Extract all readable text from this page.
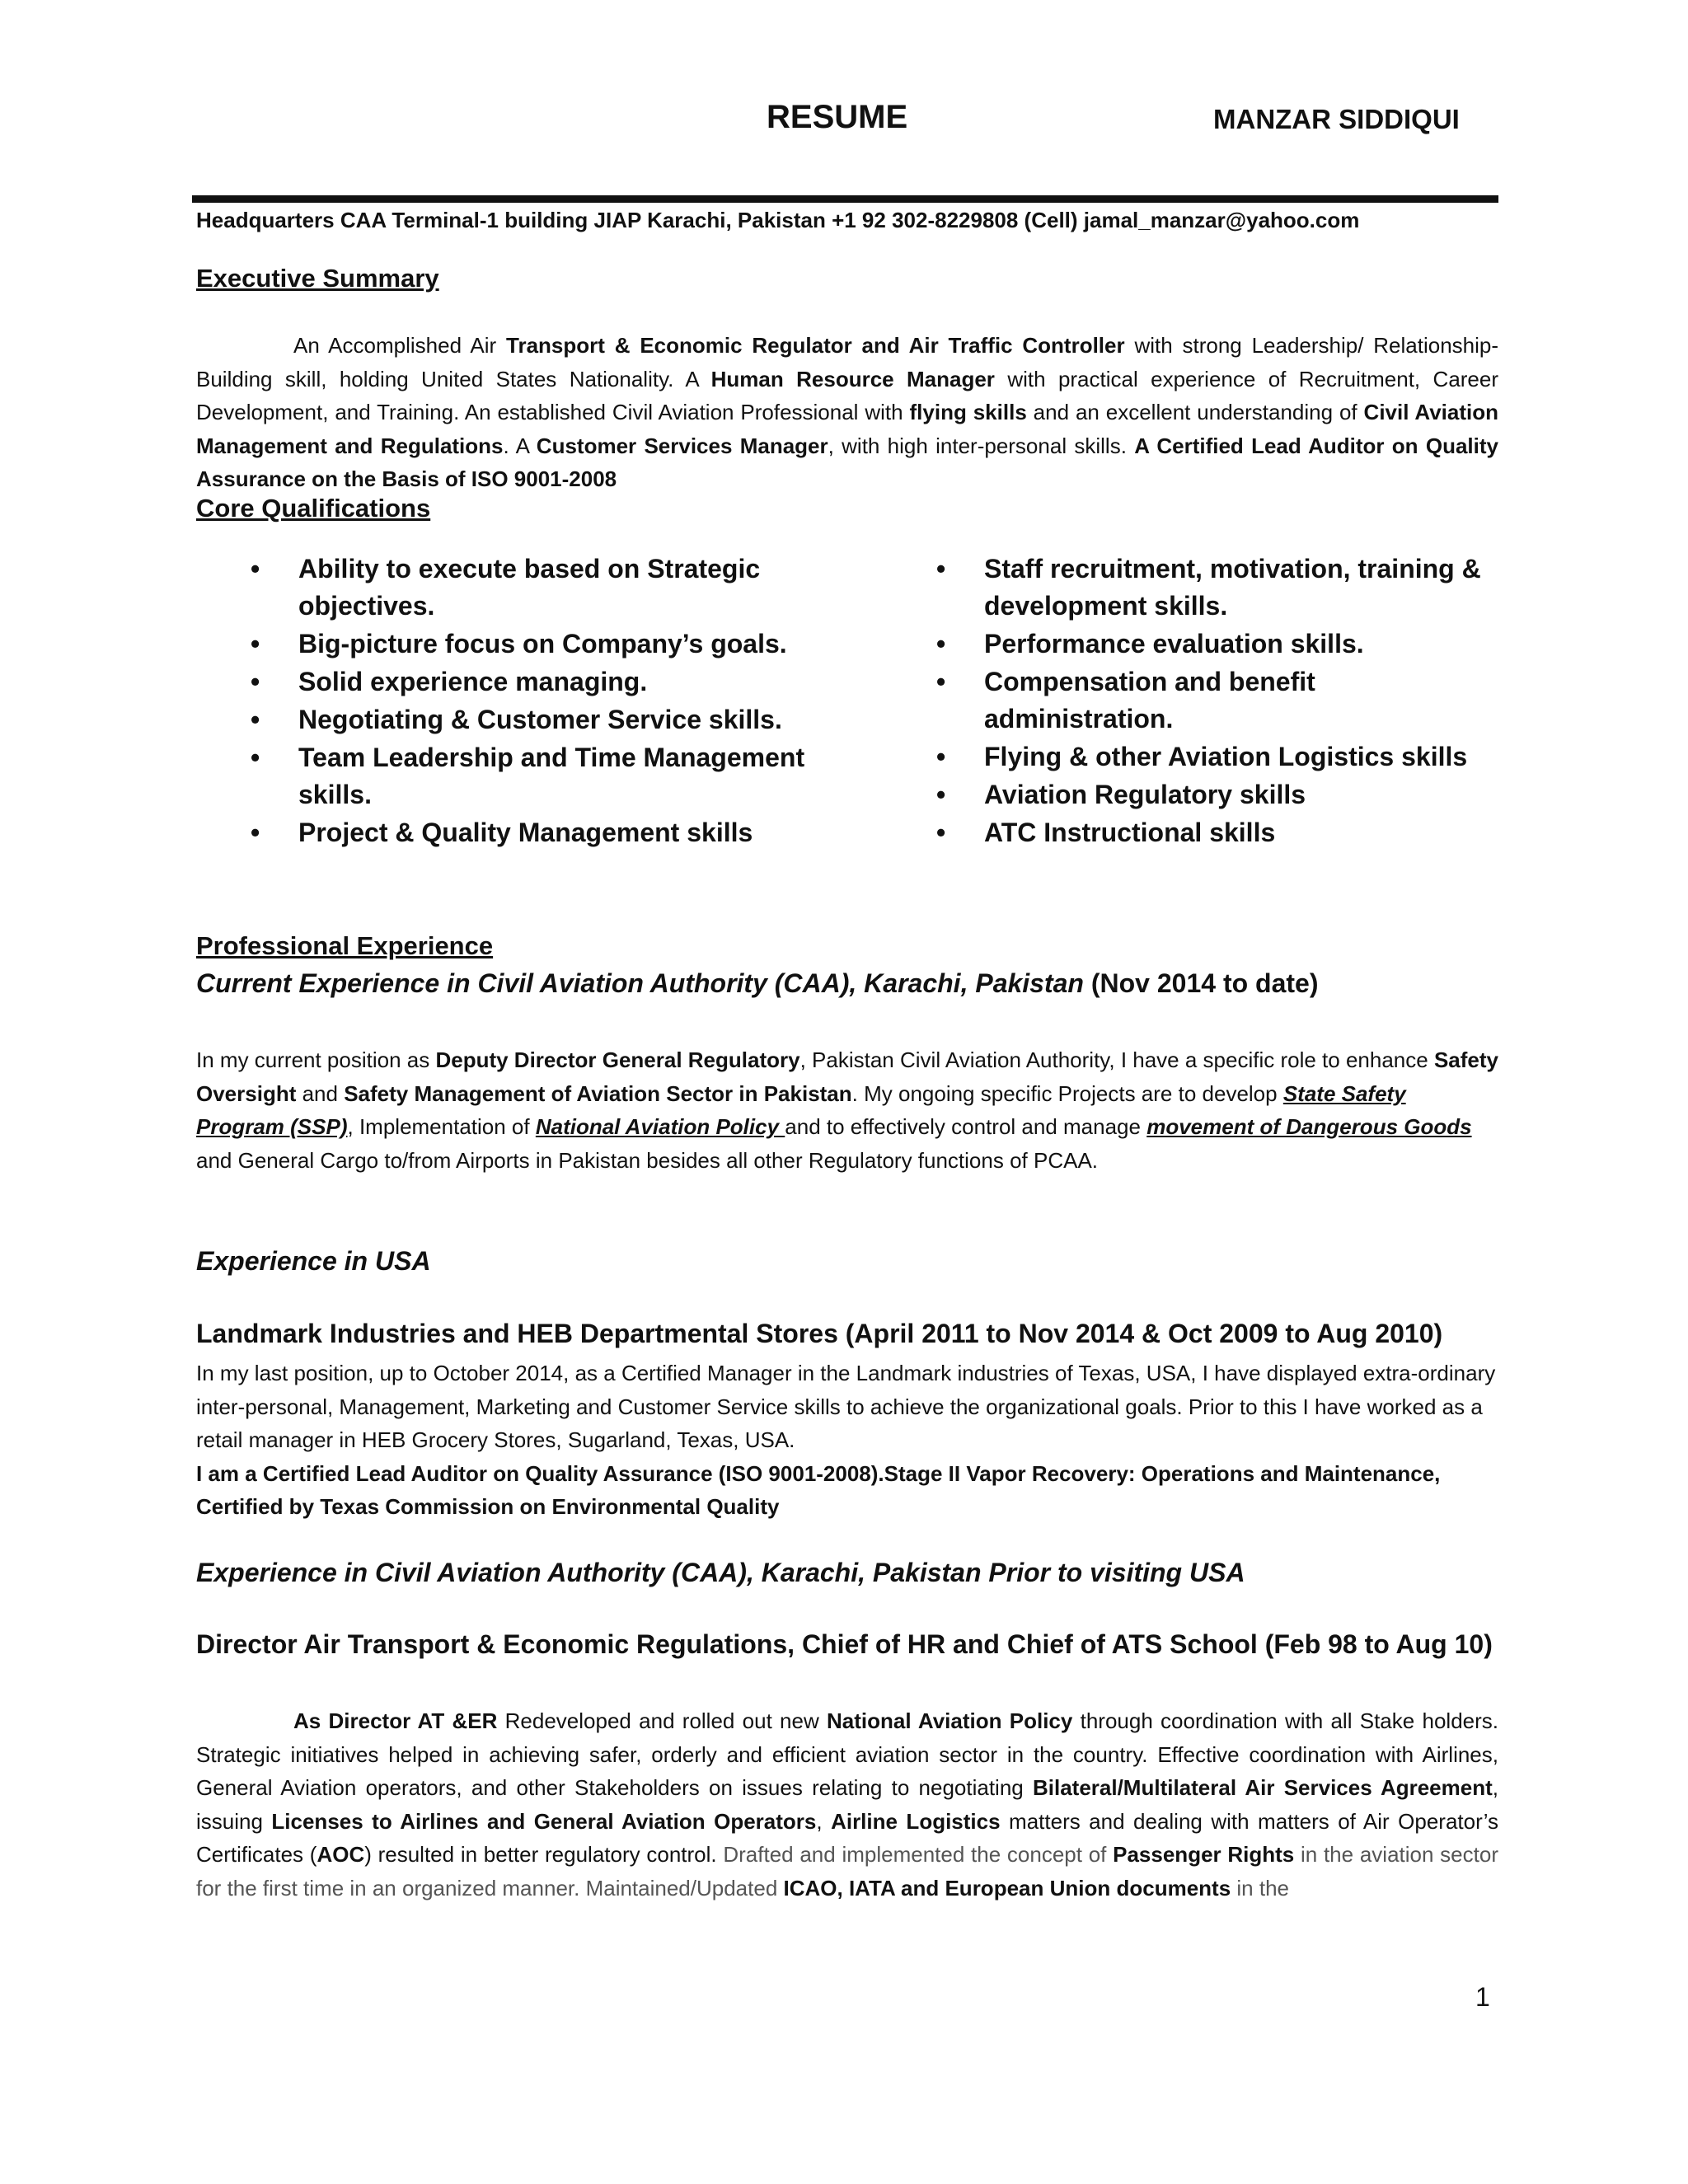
RESUME	MANZAR SIDDIQUI
Headquarters CAA Terminal-1 building JIAP Karachi, Pakistan +1 92 302-8229808 (Cell) jamal_manzar@yahoo.com
Executive Summary
An Accomplished Air Transport & Economic Regulator and Air Traffic Controller with strong Leadership/ Relationship-Building skill, holding United States Nationality. A Human Resource Manager with practical experience of Recruitment, Career Development, and Training. An established Civil Aviation Professional with flying skills and an excellent understanding of Civil Aviation Management and Regulations. A Customer Services Manager, with high inter-personal skills. A Certified Lead Auditor on Quality Assurance on the Basis of ISO 9001-2008
Core Qualifications
• Ability to execute based on Strategic objectives.
• Big-picture focus on Company’s goals.
• Solid experience managing.
• Negotiating & Customer Service skills.
• Team Leadership and Time Management skills.
• Project & Quality Management skills
• Staff recruitment, motivation, training & development skills.
• Performance evaluation skills.
• Compensation and benefit administration.
• Flying & other Aviation Logistics skills
• Aviation Regulatory skills
• ATC Instructional skills
Professional Experience
Current Experience in Civil Aviation Authority (CAA), Karachi, Pakistan (Nov 2014 to date)
In my current position as Deputy Director General Regulatory, Pakistan Civil Aviation Authority, I have a specific role to enhance Safety Oversight and Safety Management of Aviation Sector in Pakistan. My ongoing specific Projects are to develop State Safety Program (SSP), Implementation of National Aviation Policy and to effectively control and manage movement of Dangerous Goods and General Cargo to/from Airports in Pakistan besides all other Regulatory functions of PCAA.
Experience in USA
Landmark Industries and HEB Departmental Stores (April 2011 to Nov 2014 & Oct 2009 to Aug 2010)
In my last position, up to October 2014, as a Certified Manager in the Landmark industries of Texas, USA, I have displayed extra-ordinary inter-personal, Management, Marketing and Customer Service skills to achieve the organizational goals. Prior to this I have worked as a retail manager in HEB Grocery Stores, Sugarland, Texas, USA.
I am a Certified Lead Auditor on Quality Assurance (ISO 9001-2008).Stage II Vapor Recovery: Operations and Maintenance, Certified by Texas Commission on Environmental Quality
Experience in Civil Aviation Authority (CAA), Karachi, Pakistan Prior to visiting USA
Director Air Transport & Economic Regulations, Chief of HR and Chief of ATS School (Feb 98 to Aug 10)
As Director AT &ER Redeveloped and rolled out new National Aviation Policy through coordination with all Stake holders. Strategic initiatives helped in achieving safer, orderly and efficient aviation sector in the country. Effective coordination with Airlines, General Aviation operators, and other Stakeholders on issues relating to negotiating Bilateral/Multilateral Air Services Agreement, issuing Licenses to Airlines and General Aviation Operators, Airline Logistics matters and dealing with matters of Air Operator’s Certificates (AOC) resulted in better regulatory control. Drafted and implemented the concept of Passenger Rights in the aviation sector for the first time in an organized manner. Maintained/Updated ICAO, IATA and European Union documents in the
1
